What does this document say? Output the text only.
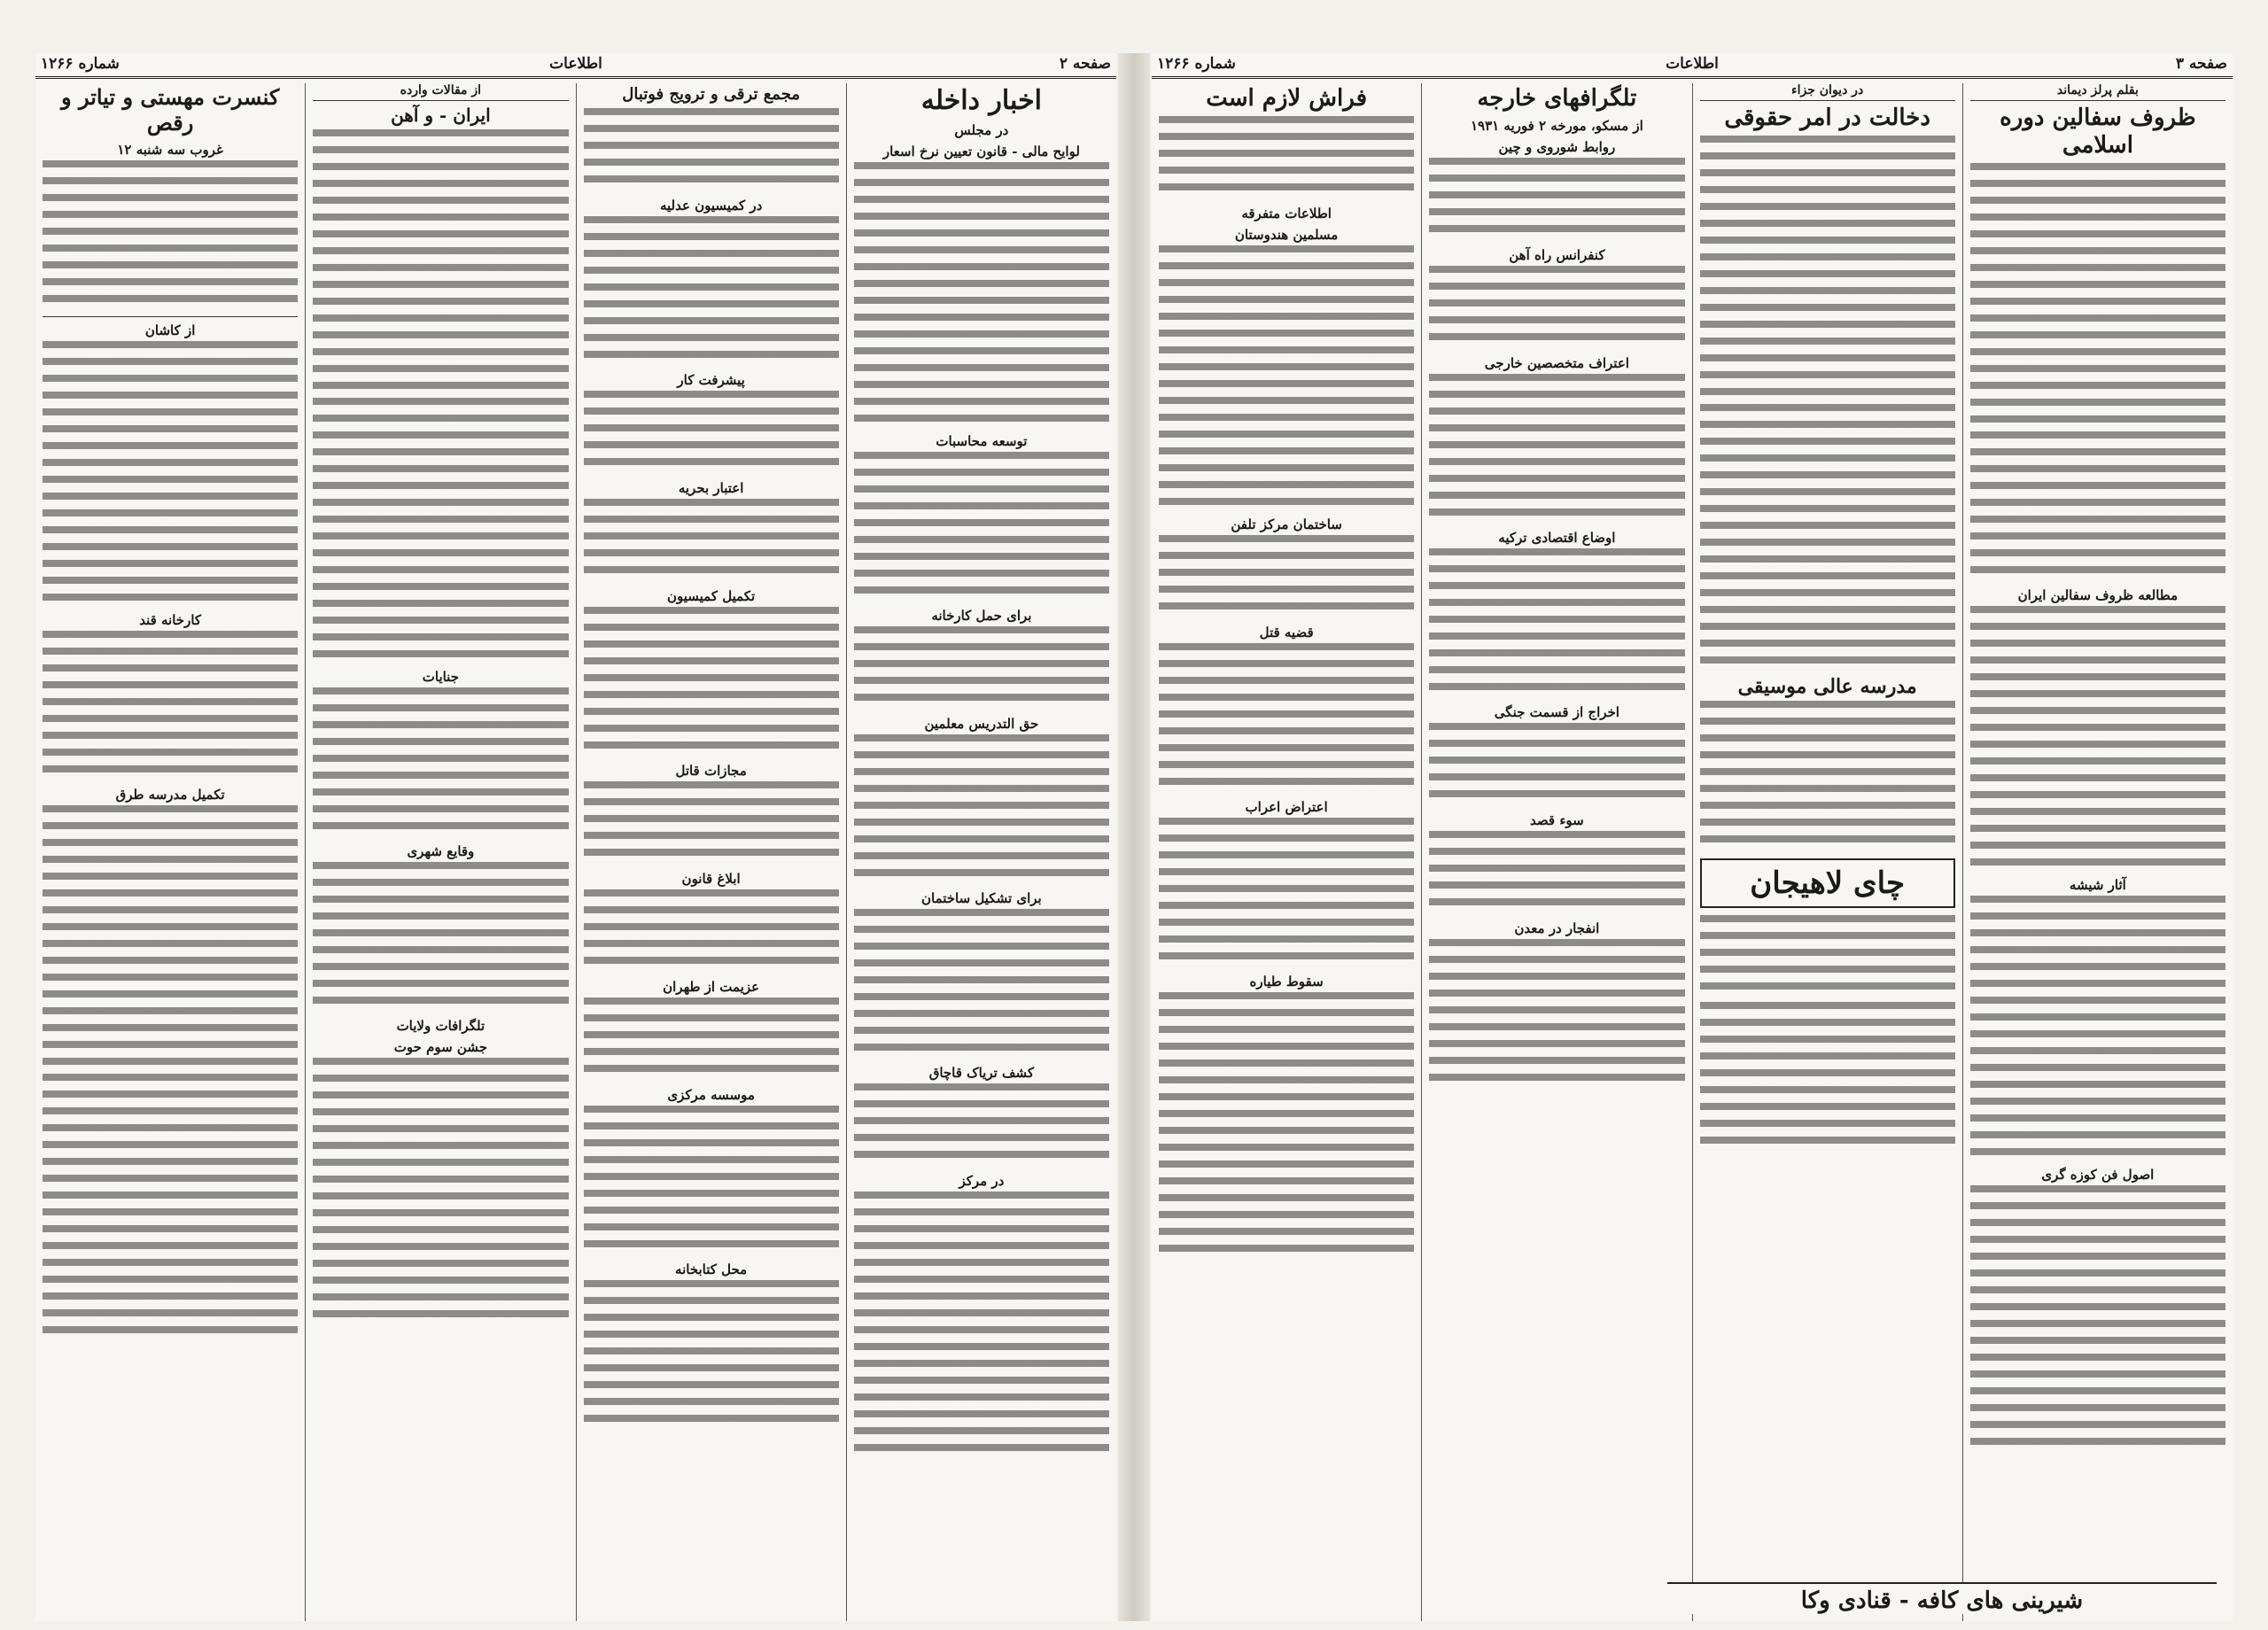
صفحه ۲
اطلاعات
شماره ۱۲۶۶
اخبار داخله
در مجلس
لوایح مالی - قانون تعیین نرخ اسعار
توسعه محاسبات
برای حمل کارخانه
حق التدریس معلمین
برای تشکیل ساختمان
کشف تریاک قاچاق
در مرکز
مجمع ترقی و ترویج فوتبال
در کمیسیون عدلیه
پیشرفت کار
اعتبار بحریه
تکمیل کمیسیون
مجازات قاتل
ابلاغ قانون
عزیمت از طهران
موسسه مرکزی
محل کتابخانه
از مقالات وارده
ایران - و آهن
جنایات
وقایع شهری
تلگرافات ولایات
جشن سوم حوت
کنسرت مهستی و تیاتر و رقص
غروب سه شنبه ۱۲
از کاشان
کارخانه قند
تکمیل مدرسه طرق
صفحه ۳
اطلاعات
شماره ۱۲۶۶
بقلم پرلز دیماند
ظروف سفالین دوره اسلامی
مطالعه ظروف سفالین ایران
آثار شیشه
اصول فن کوزه گری
در دیوان جزاء
دخالت در امر حقوقی
مدرسه عالی موسیقی
چای لاهیجان
تلگرافهای خارجه
از مسکو، مورخه ۲ فوریه ۱۹۳۱
روابط شوروی و چین
کنفرانس راه آهن
اعتراف متخصصین خارجی
اوضاع اقتصادی ترکیه
اخراج از قسمت جنگی
سوء قصد
انفجار در معدن
فراش لازم است
اطلاعات متفرقه
مسلمین هندوستان
ساختمان مرکز تلفن
قضیه قتل
اعتراض اعراب
سقوط طیاره
شیرینی های کافه - قنادی وکا
